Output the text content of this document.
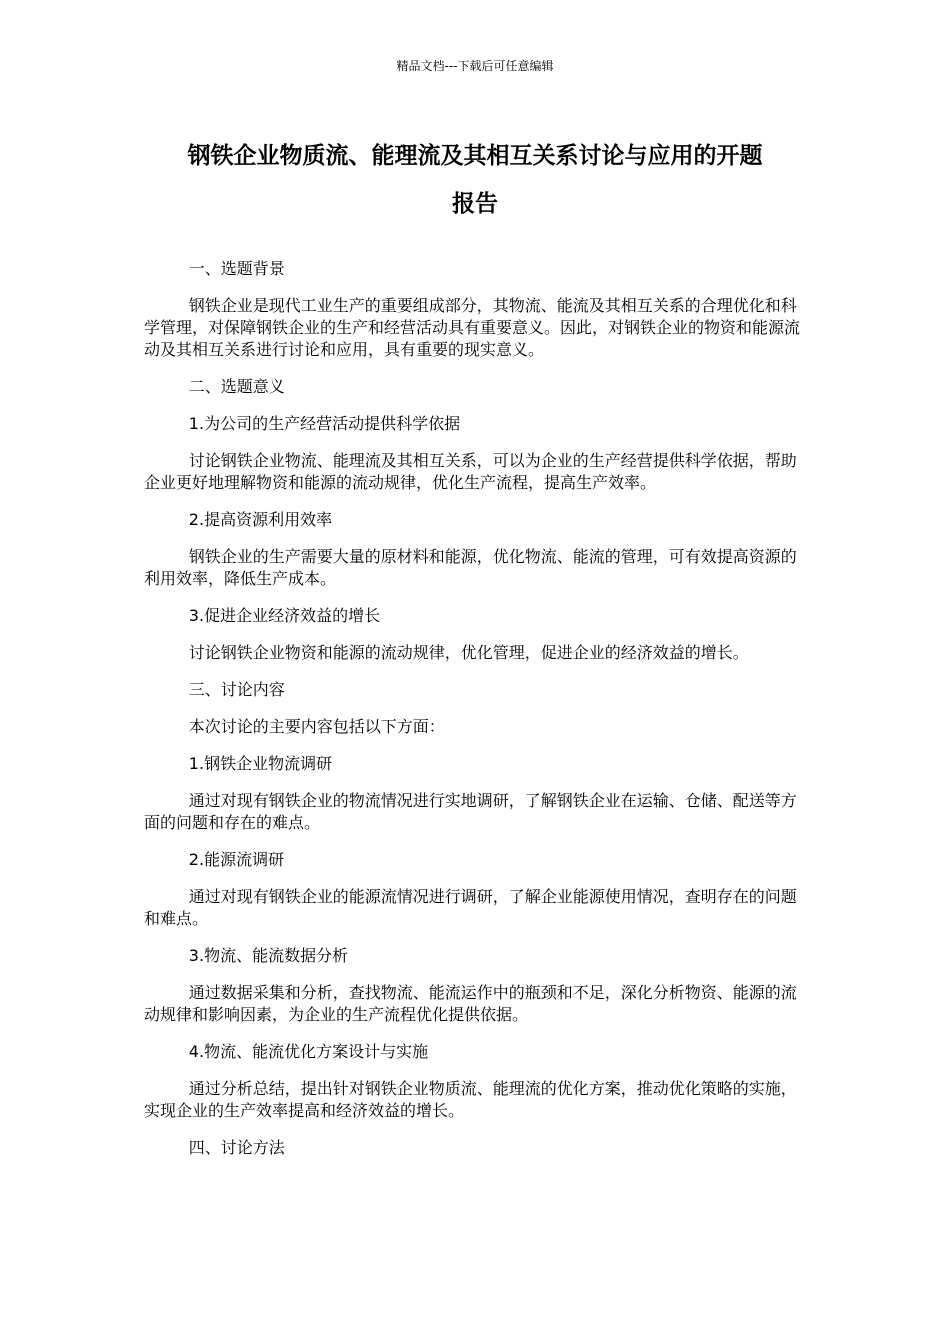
精品文档---下载后可任意编辑
钢铁企业物质流、能理流及其相互关系讨论与应用的开题
报告

一、选题背景

钢铁企业是现代工业生产的重要组成部分，其物流、能流及其相互关系的合理优化和科学管理，对保障钢铁企业的生产和经营活动具有重要意义。因此，对钢铁企业的物资和能源流动及其相互关系进行讨论和应用，具有重要的现实意义。

二、选题意义

1.为公司的生产经营活动提供科学依据

讨论钢铁企业物流、能理流及其相互关系，可以为企业的生产经营提供科学依据，帮助企业更好地理解物资和能源的流动规律，优化生产流程，提高生产效率。

2.提高资源利用效率

钢铁企业的生产需要大量的原材料和能源，优化物流、能流的管理，可有效提高资源的利用效率，降低生产成本。

3.促进企业经济效益的增长

讨论钢铁企业物资和能源的流动规律，优化管理，促进企业的经济效益的增长。

三、讨论内容

本次讨论的主要内容包括以下方面：

1.钢铁企业物流调研

通过对现有钢铁企业的物流情况进行实地调研，了解钢铁企业在运输、仓储、配送等方面的问题和存在的难点。

2.能源流调研

通过对现有钢铁企业的能源流情况进行调研，了解企业能源使用情况，查明存在的问题和难点。

3.物流、能流数据分析

通过数据采集和分析，查找物流、能流运作中的瓶颈和不足，深化分析物资、能源的流动规律和影响因素，为企业的生产流程优化提供依据。

4.物流、能流优化方案设计与实施

通过分析总结，提出针对钢铁企业物质流、能理流的优化方案，推动优化策略的实施，实现企业的生产效率提高和经济效益的增长。

四、讨论方法
